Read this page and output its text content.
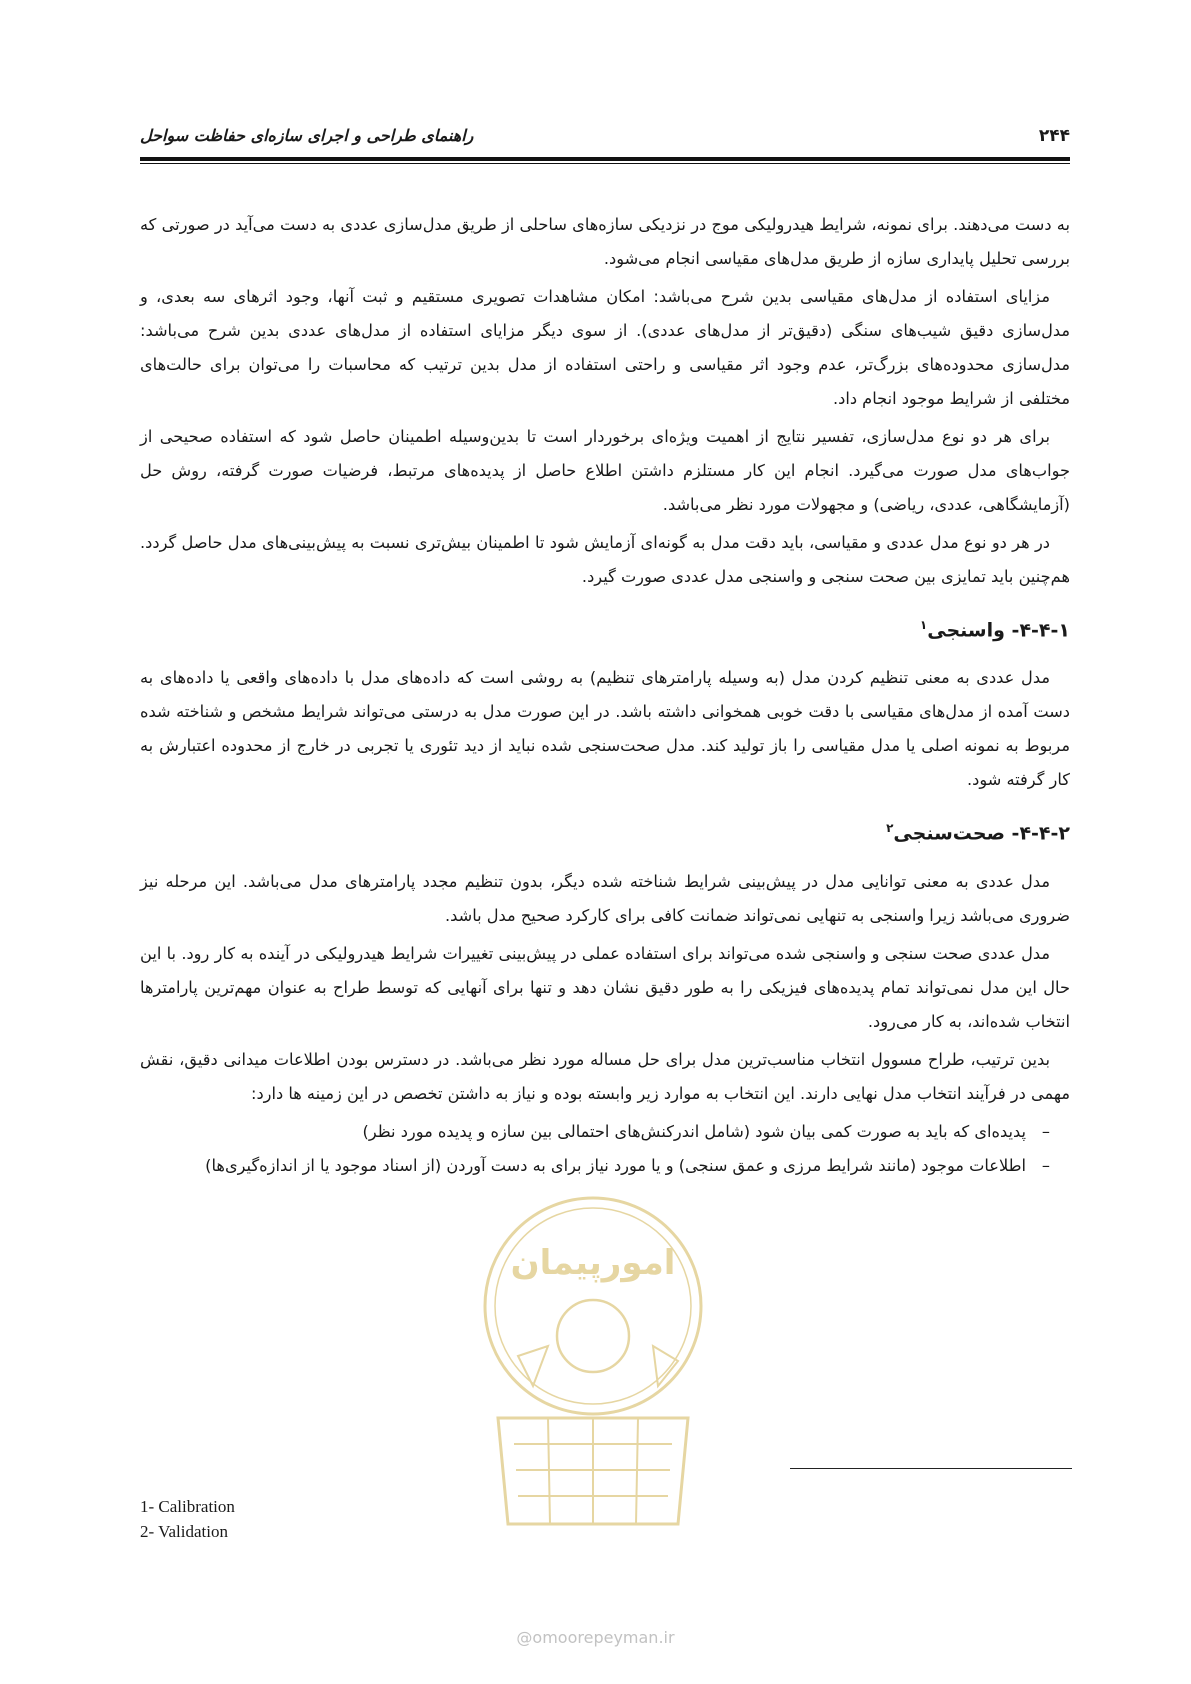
۲۴۴
راهنمای طراحی و اجرای سازه‌ای حفاظت سواحل

به دست می‌دهند. برای نمونه، شرایط هیدرولیکی موج در نزدیکی سازه‌های ساحلی از طریق مدل‌سازی عددی به دست می‌آید در صورتی که بررسی تحلیل پایداری سازه از طریق مدل‌های مقیاسی انجام می‌شود.

مزایای استفاده از مدل‌های مقیاسی بدین شرح می‌باشد: امکان مشاهدات تصویری مستقیم و ثبت آنها، وجود اثرهای سه بعدی، و مدل‌سازی دقیق شیب‌های سنگی (دقیق‌تر از مدل‌های عددی). از سوی دیگر مزایای استفاده از مدل‌های عددی بدین شرح می‌باشد: مدل‌سازی محدوده‌های بزرگ‌تر، عدم وجود اثر مقیاسی و راحتی استفاده از مدل بدین ترتیب که محاسبات را می‌توان برای حالت‌های مختلفی از شرایط موجود انجام داد.

برای هر دو نوع مدل‌سازی، تفسیر نتایج از اهمیت ویژه‌ای برخوردار است تا بدین‌وسیله اطمینان حاصل شود که استفاده صحیحی از جواب‌های مدل صورت می‌گیرد. انجام این کار مستلزم داشتن اطلاع حاصل از پدیده‌های مرتبط، فرضیات صورت گرفته، روش حل (آزمایشگاهی، عددی، ریاضی) و مجهولات مورد نظر می‌باشد.

در هر دو نوع مدل عددی و مقیاسی، باید دقت مدل به گونه‌ای آزمایش شود تا اطمینان بیش‌تری نسبت به پیش‌بینی‌های مدل حاصل گردد. هم‌چنین باید تمایزی بین صحت سنجی و واسنجی مدل عددی صورت گیرد.

۴-۴-۱- واسنجی$^۱$

مدل عددی به معنی تنظیم کردن مدل (به وسیله پارامترهای تنظیم) به روشی است که داده‌های مدل با داده‌های واقعی یا داده‌های به دست آمده از مدل‌های مقیاسی با دقت خوبی همخوانی داشته باشد. در این صورت مدل به درستی می‌تواند شرایط مشخص و شناخته شده مربوط به نمونه اصلی یا مدل مقیاسی را باز تولید کند. مدل صحت‌سنجی شده نباید از دید تئوری یا تجربی در خارج از محدوده اعتبارش به کار گرفته شود.

۴-۴-۲- صحت‌سنجی$^۲$

مدل عددی به معنی توانایی مدل در پیش‌بینی شرایط شناخته شده دیگر، بدون تنظیم مجدد پارامترهای مدل می‌باشد. این مرحله نیز ضروری می‌باشد زیرا واسنجی به تنهایی نمی‌تواند ضمانت کافی برای کارکرد صحیح مدل باشد.

مدل عددی صحت سنجی و واسنجی شده می‌تواند برای استفاده عملی در پیش‌بینی تغییرات شرایط هیدرولیکی در آینده به کار رود. با این حال این مدل نمی‌تواند تمام پدیده‌های فیزیکی را به طور دقیق نشان دهد و تنها برای آنهایی که توسط طراح به عنوان مهم‌ترین پارامترها انتخاب شده‌اند، به کار می‌رود.

بدین ترتیب، طراح مسوول انتخاب مناسب‌ترین مدل برای حل مساله مورد نظر می‌باشد. در دسترس بودن اطلاعات میدانی دقیق، نقش مهمی در فرآیند انتخاب مدل نهایی دارند. این انتخاب به موارد زیر وابسته بوده و نیاز به داشتن تخصص در این زمینه ها دارد:

–
پدیده‌ای که باید به صورت کمی بیان شود (شامل اندرکنش‌های احتمالی بین سازه و پدیده مورد نظر)
–
اطلاعات موجود (مانند شرایط مرزی و عمق سنجی) و یا مورد نیاز برای به دست آوردن (از اسناد موجود یا از اندازه‌گیری‌ها)
امورپیمان
1- Calibration
2- Validation
@omoorepeyman.ir
